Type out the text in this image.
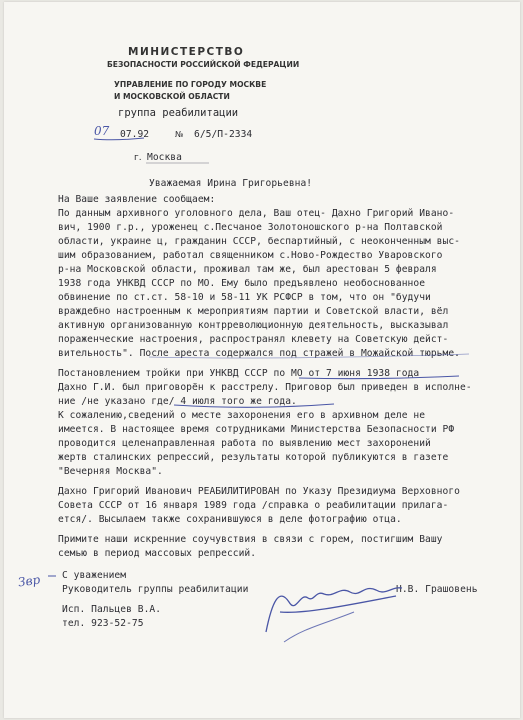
МИНИСТЕРСТВО
БЕЗОПАСНОСТИ РОССИЙСКОЙ ФЕДЕРАЦИИ
УПРАВЛЕНИЕ ПО ГОРОДУ МОСКВЕ
И МОСКОВСКОЙ ОБЛАСТИ
группа реабилитации
07 07.92	№ 6/5/П-2334
г. Москва
Уважаемая Ирина Григорьевна!
На Ваше заявление сообщаем:
По данным архивного уголовного дела, Ваш отец- Дахно Григорий Ивано-
вич, 1900 г.р., уроженец с.Песчаное Золотоношского р-на Полтавской
области, украине ц, гражданин СССР, беспартийный, с неоконченным выс-
шим образованием, работал священником с.Ново-Рождество Уваровского
р-на Московской области, проживал там же, был арестован 5 февраля
1938 года УНКВД СССР по МО. Ему было предъявлено необоснованное
обвинение по ст.ст. 58-10 и 58-11 УК РСФСР в том, что он "будучи
враждебно настроенным к мероприятиям партии и Советской власти, вёл
активную организованную контрреволюционную деятельность, высказывал
пораженческие настроения, распространял клевету на Советскую дейст-
вительность". После ареста содержался под стражей в Можайской тюрьме.
Постановлением тройки при УНКВД СССР по МО от 7 июня 1938 года
Дахно Г.И. был приговорён к расстрелу. Приговор был приведен в исполне-
ние /не указано где/ 4 июля того же года.
К сожалению,сведений о месте захоронения его в архивном деле не
имеется. В настоящее время сотрудниками Министерства Безопасности РФ
проводится целенаправленная работа по выявлению мест захоронений
жертв сталинских репрессий, результаты которой публикуются в газете
"Вечерняя Москва".
Дахно Григорий Иванович РЕАБИЛИТИРОВАН по Указу Президиума Верховного
Совета СССР от 16 января 1989 года /справка о реабилитации прилага-
ется/. Высылаем также сохранившуюся в деле фотографию отца.
Примите наши искренние соучувствия в связи с горем, постигшим Вашу
семью в период массовых репрессий.
С уважением
Руководитель группы реабилитации	Н.В. Грашовень
Исп. Пальцев В.А.
тел. 923-52-75
Звр
